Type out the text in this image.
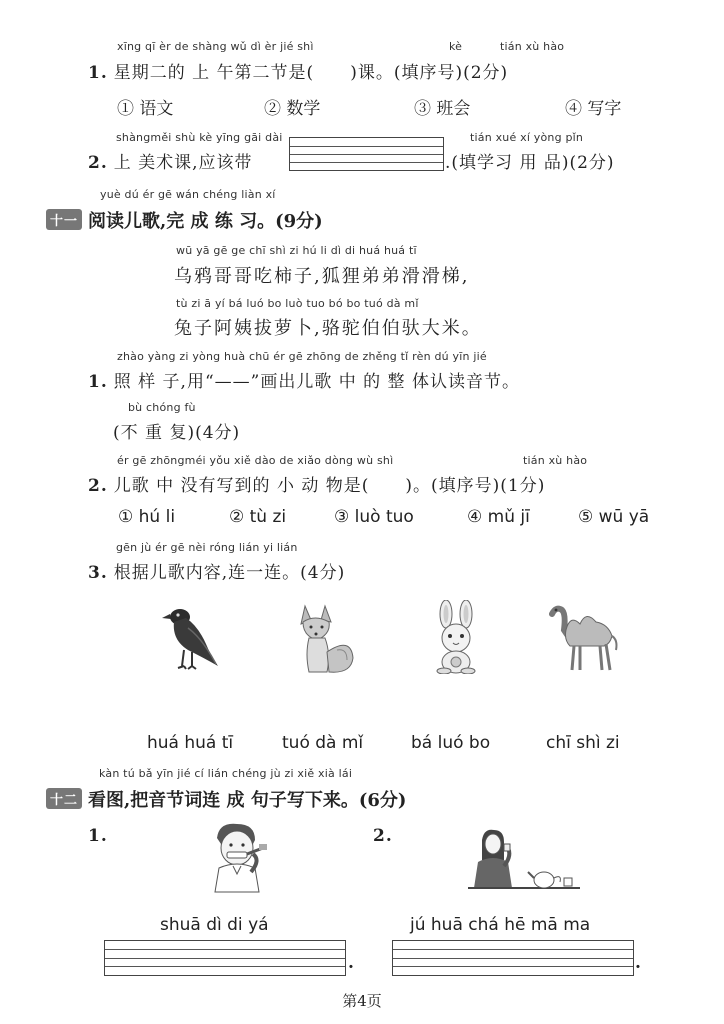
xīng qī èr de shàng wǔ dì èr jié shì	kè	tián xù hào
1. 星期二的 上 午第二节是(　　)课。(填序号)(2分)
① 语文	② 数学	③ 班会	④ 写字
shàngměi shù kè yīng gāi dài	tián xué xí yòng pǐn
2. 上 美术课,应该带	.(填学习 用 品)(2分)
yuè dú ér gē wán chéng liàn xí
十一 阅读儿歌,完 成 练 习。(9分)
wū yā gē ge chī shì zi hú li dì di huá huá tī
乌鸦哥哥吃柿子,狐狸弟弟滑滑梯,
tù zi ā yí bá luó bo luò tuo bó bo tuó dà mǐ
兔子阿姨拔萝卜,骆驼伯伯驮大米。
zhào yàng zi yòng huà chū ér gē zhōng de zhěng tǐ rèn dú yīn jié
1. 照 样 子,用“——”画出儿歌 中 的 整 体认读音节。
bù chóng fù
(不 重 复)(4分)
ér gē zhōngméi yǒu xiě dào de xiǎo dòng wù shì	tián xù hào
2. 儿歌 中 没有写到的 小 动 物是(　　)。(填序号)(1分)
① hú li	② tù zi	③ luò tuo	④ mǔ jī	⑤ wū yā
gēn jù ér gē nèi róng lián yi lián
3. 根据儿歌内容,连一连。(4分)
huá huá tī	tuó dà mǐ	bá luó bo	chī shì zi
kàn tú bǎ yīn jié cí lián chéng jù zi xiě xià lái
十二 看图,把音节词连 成 句子写下来。(6分)
1.	2.
shuā dì di yá	jú huā chá hē mā ma
.	.
第4页
